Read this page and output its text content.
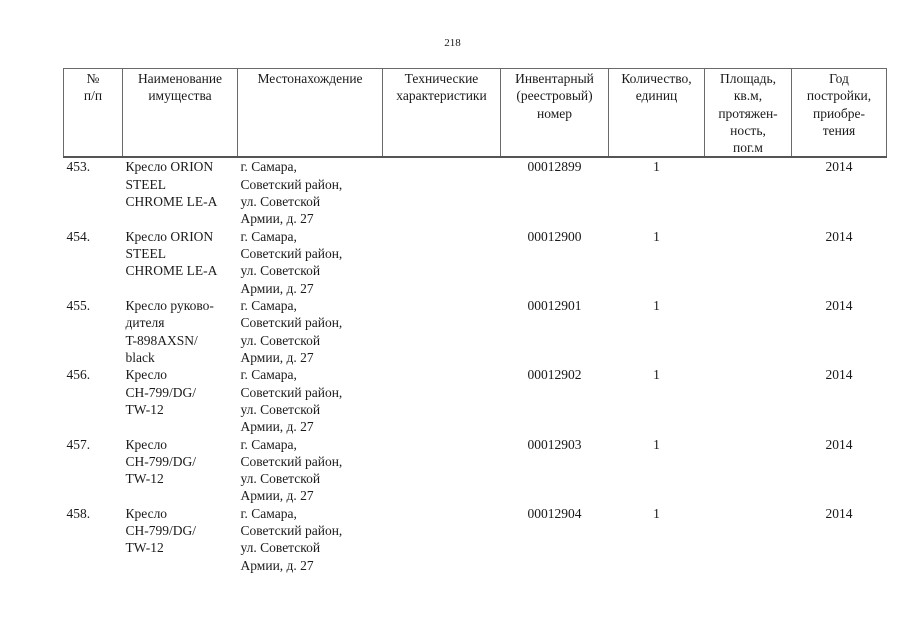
218
№
п/п	Наименование
имущества	Местонахождение	Технические
характеристики	Инвентарный
(реестровый)
номер	Количество,
единиц	Площадь,
кв.м,
протяжен-
ность,
пог.м	Год
постройки,
приобре-
тения

453.	Кресло ORION
STEEL
CHROME LE-A	г. Самара,
Советский район,
ул. Советской
Армии, д. 27		00012899	1		2014

454.	Кресло ORION
STEEL
CHROME LE-A	г. Самара,
Советский район,
ул. Советской
Армии, д. 27		00012900	1		2014

455.	Кресло руково-
дителя
T-898AXSN/
black	г. Самара,
Советский район,
ул. Советской
Армии, д. 27		00012901	1		2014

456.	Кресло
CH-799/DG/
TW-12	г. Самара,
Советский район,
ул. Советской
Армии, д. 27		00012902	1		2014

457.	Кресло
CH-799/DG/
TW-12	г. Самара,
Советский район,
ул. Советской
Армии, д. 27		00012903	1		2014

458.	Кресло
CH-799/DG/
TW-12	г. Самара,
Советский район,
ул. Советской
Армии, д. 27		00012904	1		2014
